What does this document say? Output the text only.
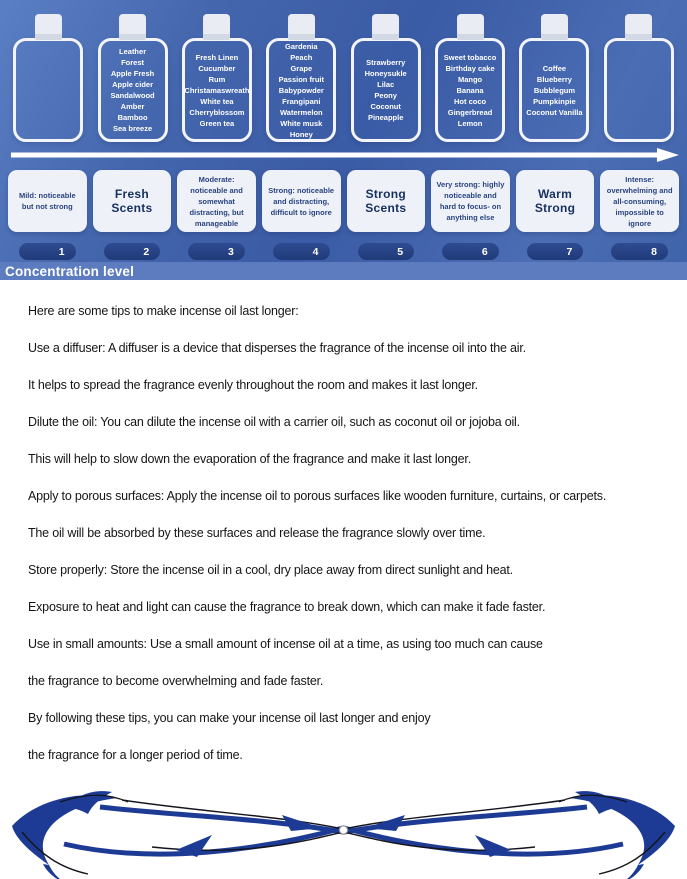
Leather
Forest
Apple Fresh
Apple cider
Sandalwood
Amber
Bamboo
Sea breeze
Fresh Linen
Cucumber
Rum
Christamaswreath
White tea
Cherryblossom
Green tea
Gardenia
Peach
Grape
Passion fruit
Babypowder
Frangipani
Watermelon
White musk
Honey
Strawberry
Honeysukle
Lilac
Peony
Coconut
Pineapple
Sweet tobacco
Birthday cake
Mango
Banana
Hot coco
Gingerbread Lemon
Coffee
Blueberry
Bubblegum
Pumpkinpie
Coconut Vanilla
Mild: noticeable but not strong
Fresh Scents
Moderate: noticeable and somewhat distracting, but manageable
Strong: noticeable and distracting, difficult to ignore
Strong Scents
Very strong: highly noticeable and hard to focus- on anything else
Warm Strong
Intense: overwhelming and all-consuming, impossible to ignore
1	2	3	4	5	6	7	8
Concentration level

Here are some tips to make incense oil last longer:

Use a diffuser: A diffuser is a device that disperses the fragrance of the incense oil into the air.

It helps to spread the fragrance evenly throughout the room and makes it last longer.

Dilute the oil: You can dilute the incense oil with a carrier oil, such as coconut oil or jojoba oil.

This will help to slow down the evaporation of the fragrance and make it last longer.

Apply to porous surfaces: Apply the incense oil to porous surfaces like wooden furniture, curtains, or carpets.

The oil will be absorbed by these surfaces and release the fragrance slowly over time.

Store properly: Store the incense oil in a cool, dry place away from direct sunlight and heat.

Exposure to heat and light can cause the fragrance to break down, which can make it fade faster.

Use in small amounts: Use a small amount of incense oil at a time, as using too much can cause

the fragrance to become overwhelming and fade faster.

By following these tips, you can make your incense oil last longer and enjoy

the fragrance for a longer period of time.
